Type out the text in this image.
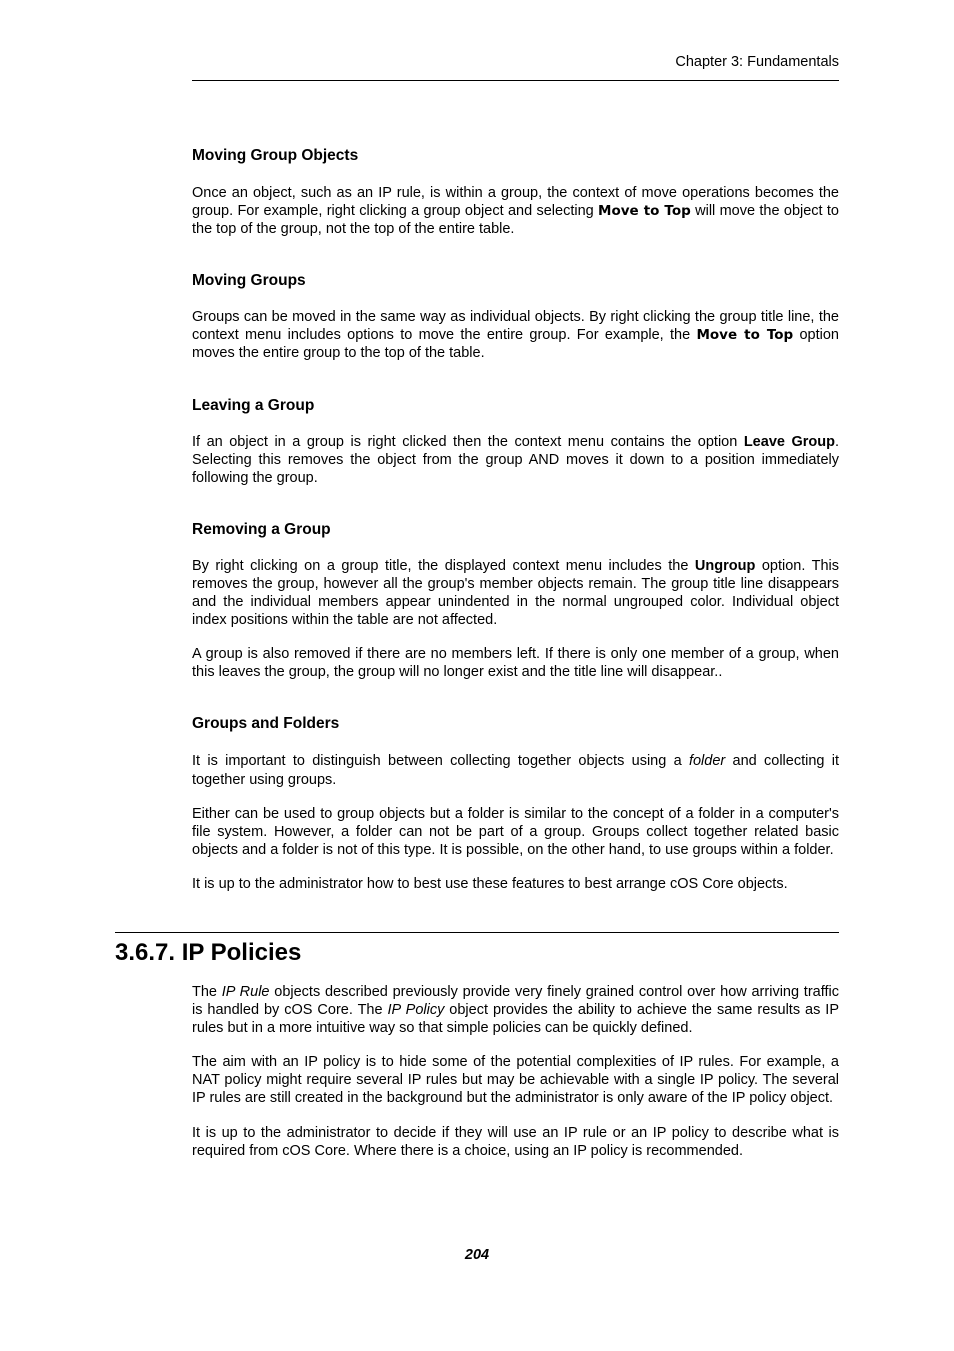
Chapter 3: Fundamentals
Moving Group Objects

Once an object, such as an IP rule, is within a group, the context of move operations becomes the group. For example, right clicking a group object and selecting Move to Top will move the object to the top of the group, not the top of the entire table.

Moving Groups

Groups can be moved in the same way as individual objects. By right clicking the group title line, the context menu includes options to move the entire group. For example, the Move to Top option moves the entire group to the top of the table.

Leaving a Group

If an object in a group is right clicked then the context menu contains the option Leave Group. Selecting this removes the object from the group AND moves it down to a position immediately following the group.

Removing a Group

By right clicking on a group title, the displayed context menu includes the Ungroup option. This removes the group, however all the group's member objects remain. The group title line disappears and the individual members appear unindented in the normal ungrouped color. Individual object index positions within the table are not affected.

A group is also removed if there are no members left. If there is only one member of a group, when this leaves the group, the group will no longer exist and the title line will disappear..

Groups and Folders

It is important to distinguish between collecting together objects using a folder and collecting it together using groups.

Either can be used to group objects but a folder is similar to the concept of a folder in a computer's file system. However, a folder can not be part of a group. Groups collect together related basic objects and a folder is not of this type. It is possible, on the other hand, to use groups within a folder.

It is up to the administrator how to best use these features to best arrange cOS Core objects.

3.6.7. IP Policies

The IP Rule objects described previously provide very finely grained control over how arriving traffic is handled by cOS Core. The IP Policy object provides the ability to achieve the same results as IP rules but in a more intuitive way so that simple policies can be quickly defined.

The aim with an IP policy is to hide some of the potential complexities of IP rules. For example, a NAT policy might require several IP rules but may be achievable with a single IP policy. The several IP rules are still created in the background but the administrator is only aware of the IP policy object.

It is up to the administrator to decide if they will use an IP rule or an IP policy to describe what is required from cOS Core. Where there is a choice, using an IP policy is recommended.

204
